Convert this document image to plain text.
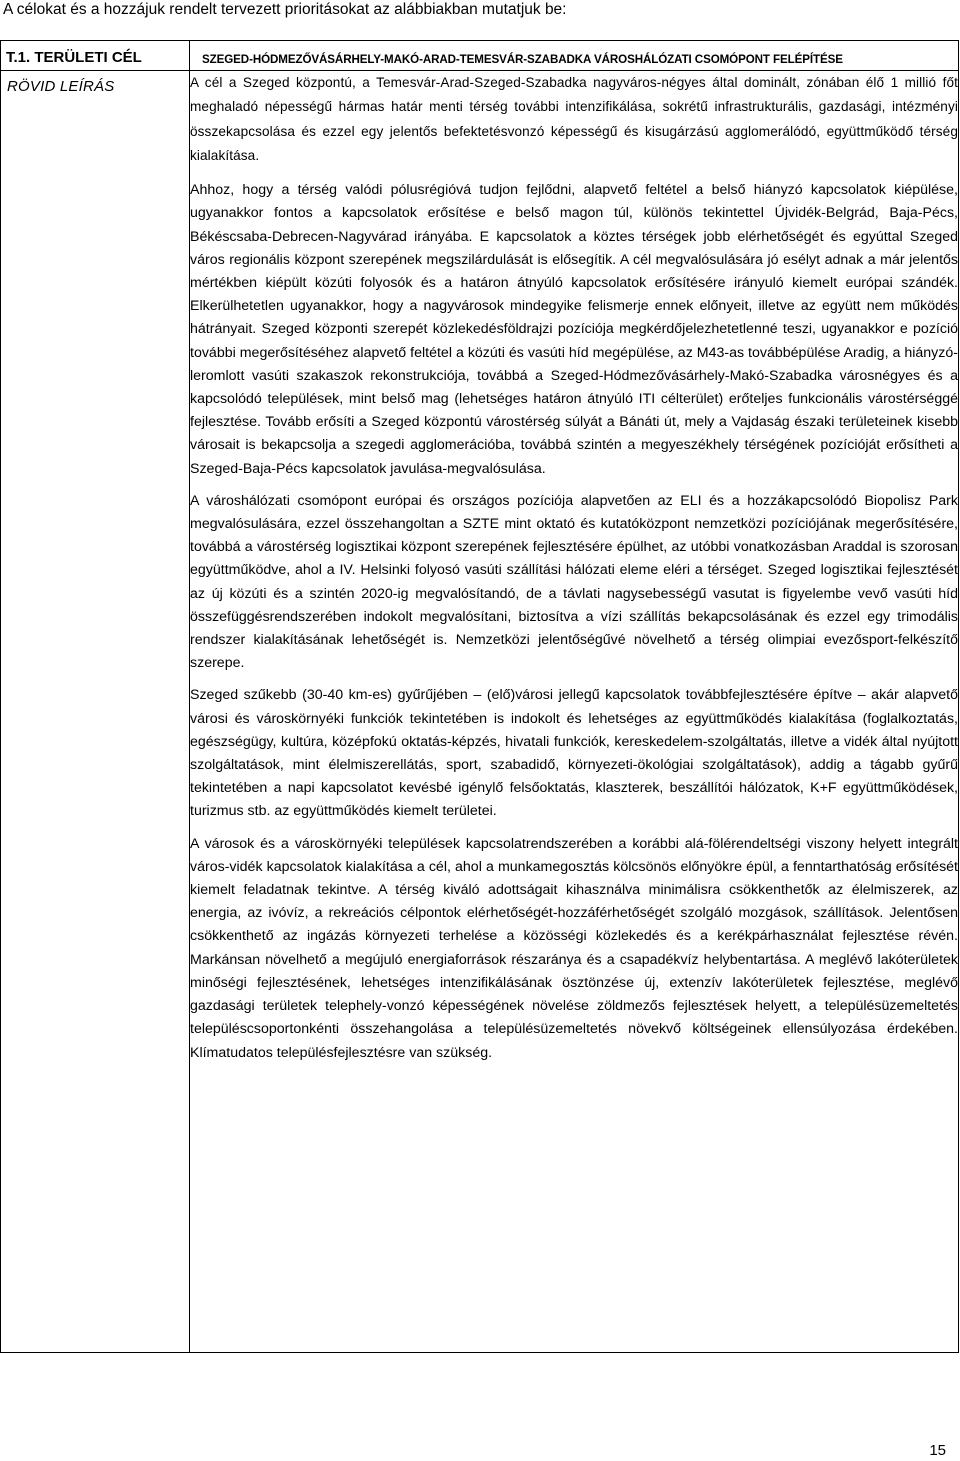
A célokat és a hozzájuk rendelt tervezett prioritásokat az alábbiakban mutatjuk be:
T.1. TERÜLETI CÉL	SZEGED-HÓDMEZŐVÁSÁRHELY-MAKÓ-ARAD-TEMESVÁR-SZABADKA VÁROSHÁLÓZATI CSOMÓPONT FELÉPÍTÉSE

RÖVID LEÍRÁS	A cél a Szeged központú, a Temesvár-Arad-Szeged-Szabadka nagyváros-négyes által dominált, zónában élő 1 millió főt meghaladó népességű hármas határ menti térség további intenzifikálása, sokrétű infrastrukturális, gazdasági, intézményi összekapcsolása és ezzel egy jelentős befektetésvonzó képességű és kisugárzású agglomerálódó, együttműködő térség kialakítása.

Ahhoz, hogy a térség valódi pólusrégióvá tudjon fejlődni, alapvető feltétel a belső hiányzó kapcsolatok kiépülése, ugyanakkor fontos a kapcsolatok erősítése e belső magon túl, különös tekintettel Újvidék-Belgrád, Baja-Pécs, Békéscsaba-Debrecen-Nagyvárad irányába. E kapcsolatok a köztes térségek jobb elérhetőségét és egyúttal Szeged város regionális központ szerepének megszilárdulását is elősegítik. A cél megvalósulására jó esélyt adnak a már jelentős mértékben kiépült közúti folyosók és a határon átnyúló kapcsolatok erősítésére irányuló kiemelt európai szándék. Elkerülhetetlen ugyanakkor, hogy a nagyvárosok mindegyike felismerje ennek előnyeit, illetve az együtt nem működés hátrányait. Szeged központi szerepét közlekedésföldrajzi pozíciója megkérdőjelezhetetlenné teszi, ugyanakkor e pozíció további megerősítéséhez alapvető feltétel a közúti és vasúti híd megépülése, az M43-as továbbépülése Aradig, a hiányzó-leromlott vasúti szakaszok rekonstrukciója, továbbá a Szeged-Hódmezővásárhely-Makó-Szabadka városnégyes és a kapcsolódó települések, mint belső mag (lehetséges határon átnyúló ITI célterület) erőteljes funkcionális várostérséggé fejlesztése. Tovább erősíti a Szeged központú várostérség súlyát a Bánáti út, mely a Vajdaság északi területeinek kisebb városait is bekapcsolja a szegedi agglomerációba, továbbá szintén a megyeszékhely térségének pozícióját erősítheti a Szeged-Baja-Pécs kapcsolatok javulása-megvalósulása.

A városhálózati csomópont európai és országos pozíciója alapvetően az ELI és a hozzákapcsolódó Biopolisz Park megvalósulására, ezzel összehangoltan a SZTE mint oktató és kutatóközpont nemzetközi pozíciójának megerősítésére, továbbá a várostérség logisztikai központ szerepének fejlesztésére épülhet, az utóbbi vonatkozásban Araddal is szorosan együttműködve, ahol a IV. Helsinki folyosó vasúti szállítási hálózati eleme eléri a térséget. Szeged logisztikai fejlesztését az új közúti és a szintén 2020-ig megvalósítandó, de a távlati nagysebességű vasutat is figyelembe vevő vasúti híd összefüggésrendszerében indokolt megvalósítani, biztosítva a vízi szállítás bekapcsolásának és ezzel egy trimodális rendszer kialakításának lehetőségét is. Nemzetközi jelentőségűvé növelhető a térség olimpiai evezősport-felkészítő szerepe.

Szeged szűkebb (30-40 km-es) gyűrűjében – (elő)városi jellegű kapcsolatok továbbfejlesztésére építve – akár alapvető városi és városkörnyéki funkciók tekintetében is indokolt és lehetséges az együttműködés kialakítása (foglalkoztatás, egészségügy, kultúra, középfokú oktatás-képzés, hivatali funkciók, kereskedelem-szolgáltatás, illetve a vidék által nyújtott szolgáltatások, mint élelmiszerellátás, sport, szabadidő, környezeti-ökológiai szolgáltatások), addig a tágabb gyűrű tekintetében a napi kapcsolatot kevésbé igénylő felsőoktatás, klaszterek, beszállítói hálózatok, K+F együttműködések, turizmus stb. az együttműködés kiemelt területei.

A városok és a városkörnyéki települések kapcsolatrendszerében a korábbi alá-fölérendeltségi viszony helyett integrált város-vidék kapcsolatok kialakítása a cél, ahol a munkamegosztás kölcsönös előnyökre épül, a fenntarthatóság erősítését kiemelt feladatnak tekintve. A térség kiváló adottságait kihasználva minimálisra csökkenthetők az élelmiszerek, az energia, az ivóvíz, a rekreációs célpontok elérhetőségét-hozzáférhetőségét szolgáló mozgások, szállítások. Jelentősen csökkenthető az ingázás környezeti terhelése a közösségi közlekedés és a kerékpárhasználat fejlesztése révén. Markánsan növelhető a megújuló energiaforrások részaránya és a csapadékvíz helybentartása. A meglévő lakóterületek minőségi fejlesztésének, lehetséges intenzifikálásának ösztönzése új, extenzív lakóterületek fejlesztése, meglévő gazdasági területek telephely-vonzó képességének növelése zöldmezős fejlesztések helyett, a településüzemeltetés településcsoportonkénti összehangolása a településüzemeltetés növekvő költségeinek ellensúlyozása érdekében. Klímatudatos településfejlesztésre van szükség.

15
